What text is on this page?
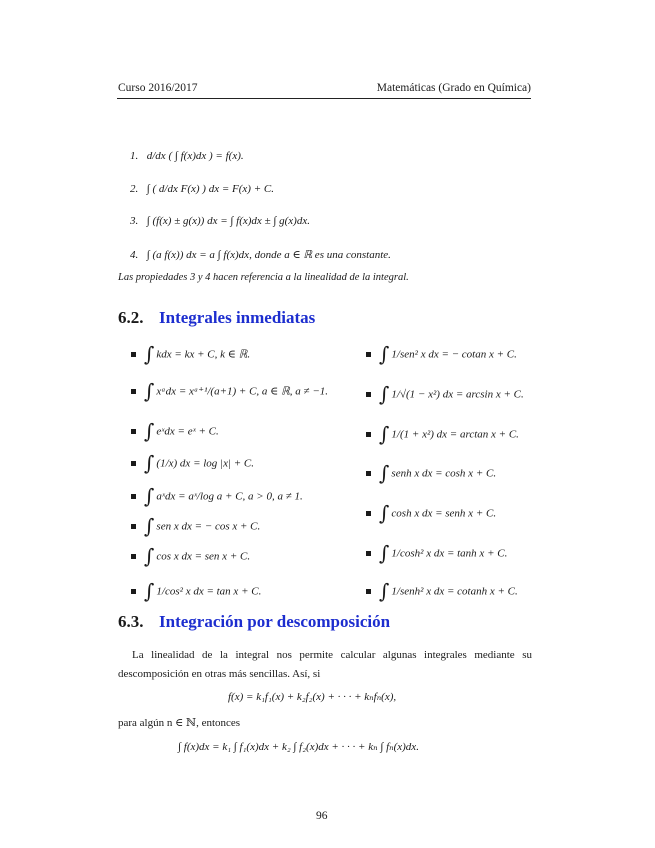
Curso 2016/2017	Matemáticas (Grado en Química)
1. d/dx ( ∫ f(x)dx ) = f(x).
2. ∫ ( d/dx F(x) ) dx = F(x) + C.
3. ∫ (f(x) ± g(x)) dx = ∫ f(x)dx ± ∫ g(x)dx.
4. ∫ (a f(x)) dx = a ∫ f(x)dx, donde a ∈ ℝ es una constante.
Las propiedades 3 y 4 hacen referencia a la linealidad de la integral.
6.2. Integrales inmediatas
∫ kdx = kx + C, k ∈ ℝ.
∫ xᵃdx = xᵃ⁺¹/(a+1) + C, a ∈ ℝ, a ≠ −1.
∫ eˣdx = eˣ + C.
∫ (1/x) dx = log |x| + C.
∫ aˣdx = aˣ/log a + C, a > 0, a ≠ 1.
∫ sen x dx = − cos x + C.
∫ cos x dx = sen x + C.
∫ 1/cos² x dx = tan x + C.
∫ 1/sen² x dx = − cotan x + C.
∫ 1/√(1 − x²) dx = arcsin x + C.
∫ 1/(1 + x²) dx = arctan x + C.
∫ senh x dx = cosh x + C.
∫ cosh x dx = senh x + C.
∫ 1/cosh² x dx = tanh x + C.
∫ 1/senh² x dx = cotanh x + C.
6.3. Integración por descomposición
La linealidad de la integral nos permite calcular algunas integrales mediante su descomposición en otras más sencillas. Así, si
f(x) = k₁f₁(x) + k₂f₂(x) + · · · + kₙfₙ(x),
para algún n ∈ ℕ, entonces
∫ f(x)dx = k₁ ∫ f₁(x)dx + k₂ ∫ f₂(x)dx + · · · + kₙ ∫ fₙ(x)dx.
96
